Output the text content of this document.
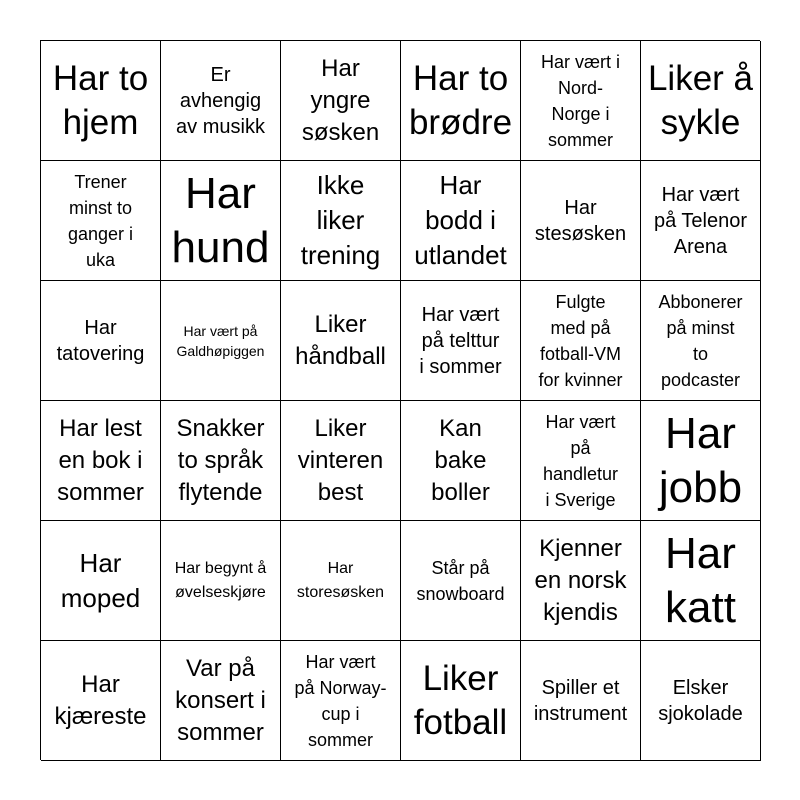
Har to
hjem
Er
avhengig
av musikk
Har
yngre
søsken
Har to
brødre
Har vært i
Nord-
Norge i
sommer
Liker å
sykle
Trener
minst to
ganger i
uka
Har
hund
Ikke
liker
trening
Har
bodd i
utlandet
Har
stesøsken
Har vært
på Telenor
Arena
Har
tatovering
Har vært på
Galdhøpiggen
Liker
håndball
Har vært
på telttur
i sommer
Fulgte
med på
fotball-VM
for kvinner
Abbonerer
på minst
to
podcaster
Har lest
en bok i
sommer
Snakker
to språk
flytende
Liker
vinteren
best
Kan
bake
boller
Har vært
på
handletur
i Sverige
Har
jobb
Har
moped
Har begynt å
øvelseskjøre
Har
storesøsken
Står på
snowboard
Kjenner
en norsk
kjendis
Har
katt
Har
kjæreste
Var på
konsert i
sommer
Har vært
på Norway-
cup i
sommer
Liker
fotball
Spiller et
instrument
Elsker
sjokolade
